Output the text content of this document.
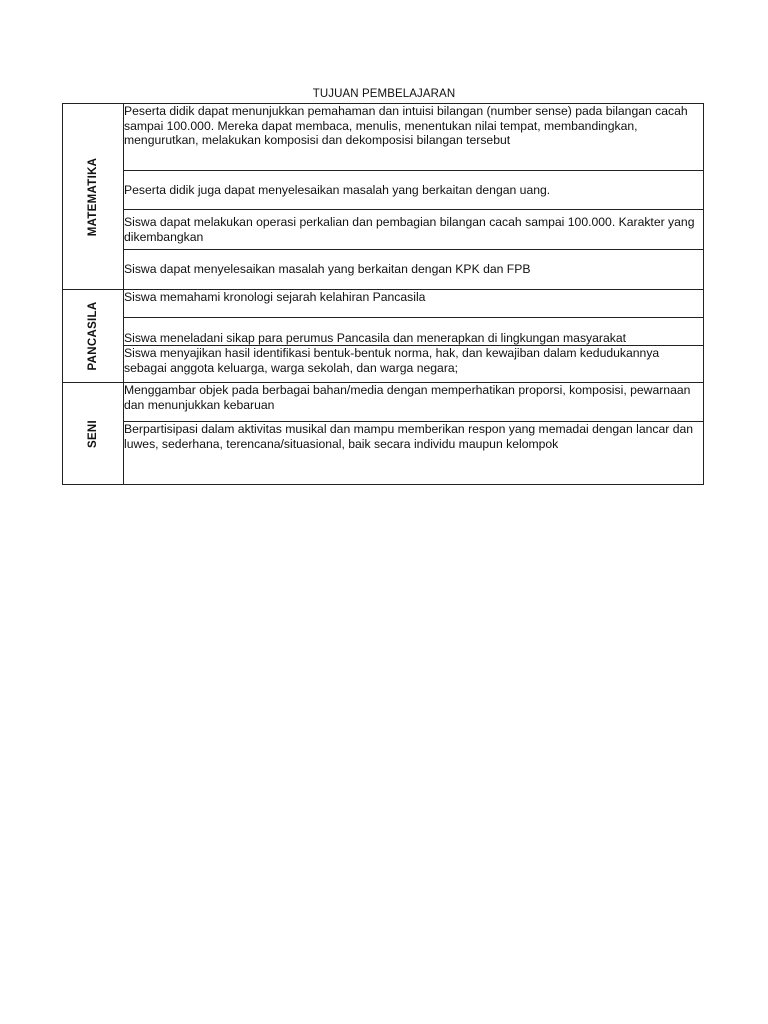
TUJUAN PEMBELAJARAN
MATEMATIKA	Peserta didik dapat menunjukkan pemahaman dan intuisi bilangan (number sense) pada bilangan cacah sampai 100.000. Mereka dapat membaca, menulis, menentukan nilai tempat, membandingkan, mengurutkan, melakukan komposisi dan dekomposisi bilangan tersebut
	Peserta didik juga dapat menyelesaikan masalah yang berkaitan dengan uang.
	Siswa dapat melakukan operasi perkalian dan pembagian bilangan cacah sampai 100.000. Karakter yang dikembangkan
	Siswa dapat menyelesaikan masalah yang berkaitan dengan KPK dan FPB

PANCASILA	Siswa memahami kronologi sejarah kelahiran Pancasila
	Siswa meneladani sikap para perumus Pancasila dan menerapkan di lingkungan masyarakat
	Siswa menyajikan hasil identifikasi bentuk-bentuk norma, hak, dan kewajiban dalam kedudukannya sebagai anggota keluarga, warga sekolah, dan warga negara;

SENI	Menggambar objek pada berbagai bahan/media dengan memperhatikan proporsi, komposisi, pewarnaan dan menunjukkan kebaruan
	Berpartisipasi dalam aktivitas musikal dan mampu memberikan respon yang memadai dengan lancar dan luwes, sederhana, terencana/situasional, baik secara individu maupun kelompok
